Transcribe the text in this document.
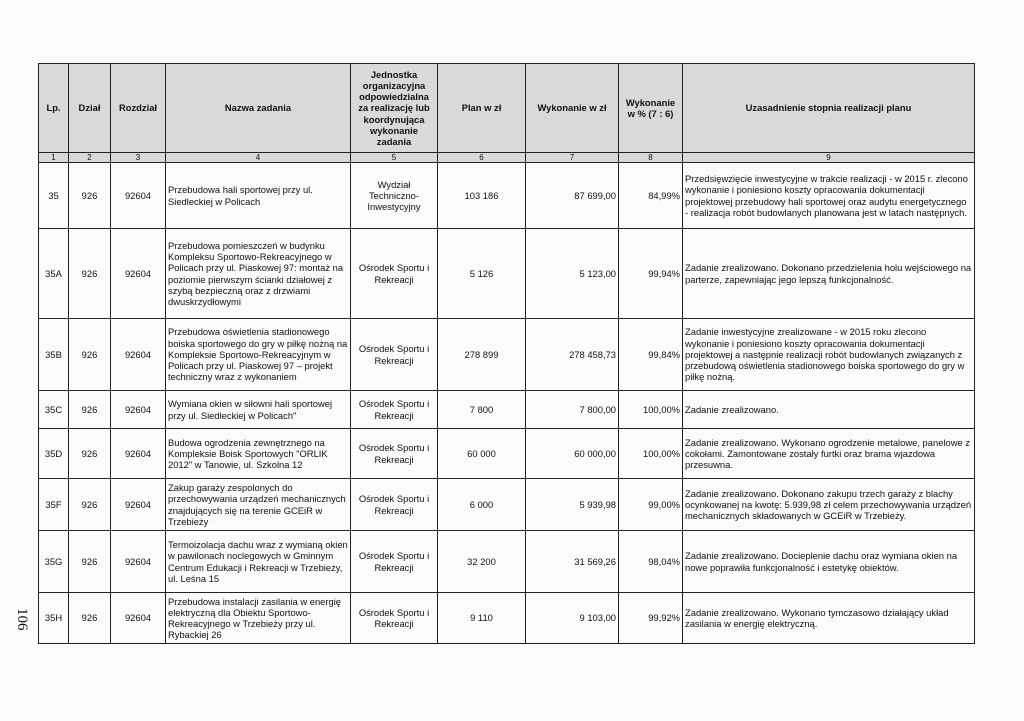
Lp.	Dział	Rozdział	Nazwa zadania	Jednostka organizacyjna odpowiedzialna za realizację lub koordynująca wykonanie zadania	Plan w zł	Wykonanie w zł	Wykonanie w % (7 : 6)	Uzasadnienie stopnia realizacji planu
1	2	3	4	5	6	7	8	9
35	926	92604	Przebudowa hali sportowej przy ul. Siedleckiej w Policach	Wydział Techniczno-Inwestycyjny	103 186	87 699,00	84,99%	Przedsięwzięcie inwestycyjne w trakcie realizacji - w 2015 r. zlecono wykonanie i poniesiono koszty opracowania dokumentacji projektowej przebudowy hali sportowej oraz audytu energetycznego - realizacja robót budowlanych planowana jest w latach następnych.
35A	926	92604	Przebudowa pomieszczeń w budynku Kompleksu Sportowo-Rekreacyjnego w Policach przy ul. Piaskowej 97: montaż na poziomie pierwszym ścianki działowej z szybą bezpieczną oraz z drzwiami dwuskrzydłowymi	Ośrodek Sportu i Rekreacji	5 126	5 123,00	99,94%	Zadanie zrealizowano. Dokonano przedzielenia holu wejściowego na parterze, zapewniając jego lepszą funkcjonalność.
35B	926	92604	Przebudowa oświetlenia stadionowego boiska sportowego do gry w piłkę nożną na Kompleksie Sportowo-Rekreacyjnym w Policach przy ul. Piaskowej 97 – projekt techniczny wraz z wykonaniem	Ośrodek Sportu i Rekreacji	278 899	278 458,73	99,84%	Zadanie inwestycyjne zrealizowane - w 2015 roku zlecono wykonanie i poniesiono koszty opracowania dokumentacji projektowej a następnie realizacji robót budowlanych związanych z przebudową oświetlenia stadionowego boiska sportowego do gry w piłkę nożną.
35C	926	92604	Wymiana okien w siłowni hali sportowej przy ul. Siedleckiej w Policach"	Ośrodek Sportu i Rekreacji	7 800	7 800,00	100,00%	Zadanie zrealizowano.
35D	926	92604	Budowa ogrodzenia zewnętrznego na Kompleksie Boisk Sportowych "ORLIK 2012" w Tanowie, ul. Szkolna 12	Ośrodek Sportu i Rekreacji	60 000	60 000,00	100,00%	Zadanie zrealizowano. Wykonano ogrodzenie metalowe, panelowe z cokołami. Zamontowane zostały furtki oraz brama wjazdowa przesuwna.
35F	926	92604	Zakup garaży zespolonych do przechowywania urządzeń mechanicznych znajdujących się na terenie GCEiR w Trzebieży	Ośrodek Sportu i Rekreacji	6 000	5 939,98	99,00%	Zadanie zrealizowano. Dokonano zakupu trzech garaży z blachy ocynkowanej na kwotę: 5.939,98 zł celem przechowywania urządzeń mechanicznych składowanych w GCEiR w Trzebieży.
35G	926	92604	Termoizolacja dachu wraz z wymianą okien w pawilonach noclegowych w Gminnym Centrum Edukacji i Rekreacji w Trzebieży, ul. Leśna 15	Ośrodek Sportu i Rekreacji	32 200	31 569,26	98,04%	Zadanie zrealizowano. Docieplenie dachu oraz wymiana okien na nowe poprawiła funkcjonalność i estetykę obiektów.
35H	926	92604	Przebudowa instalacji zasilania w energię elektryczną dla Obiektu Sportowo-Rekreacyjnego w Trzebieży przy ul. Rybackiej 26	Ośrodek Sportu i Rekreacji	9 110	9 103,00	99,92%	Zadanie zrealizowano. Wykonano tymczasowo działający układ zasilania w energię elektryczną.
106
